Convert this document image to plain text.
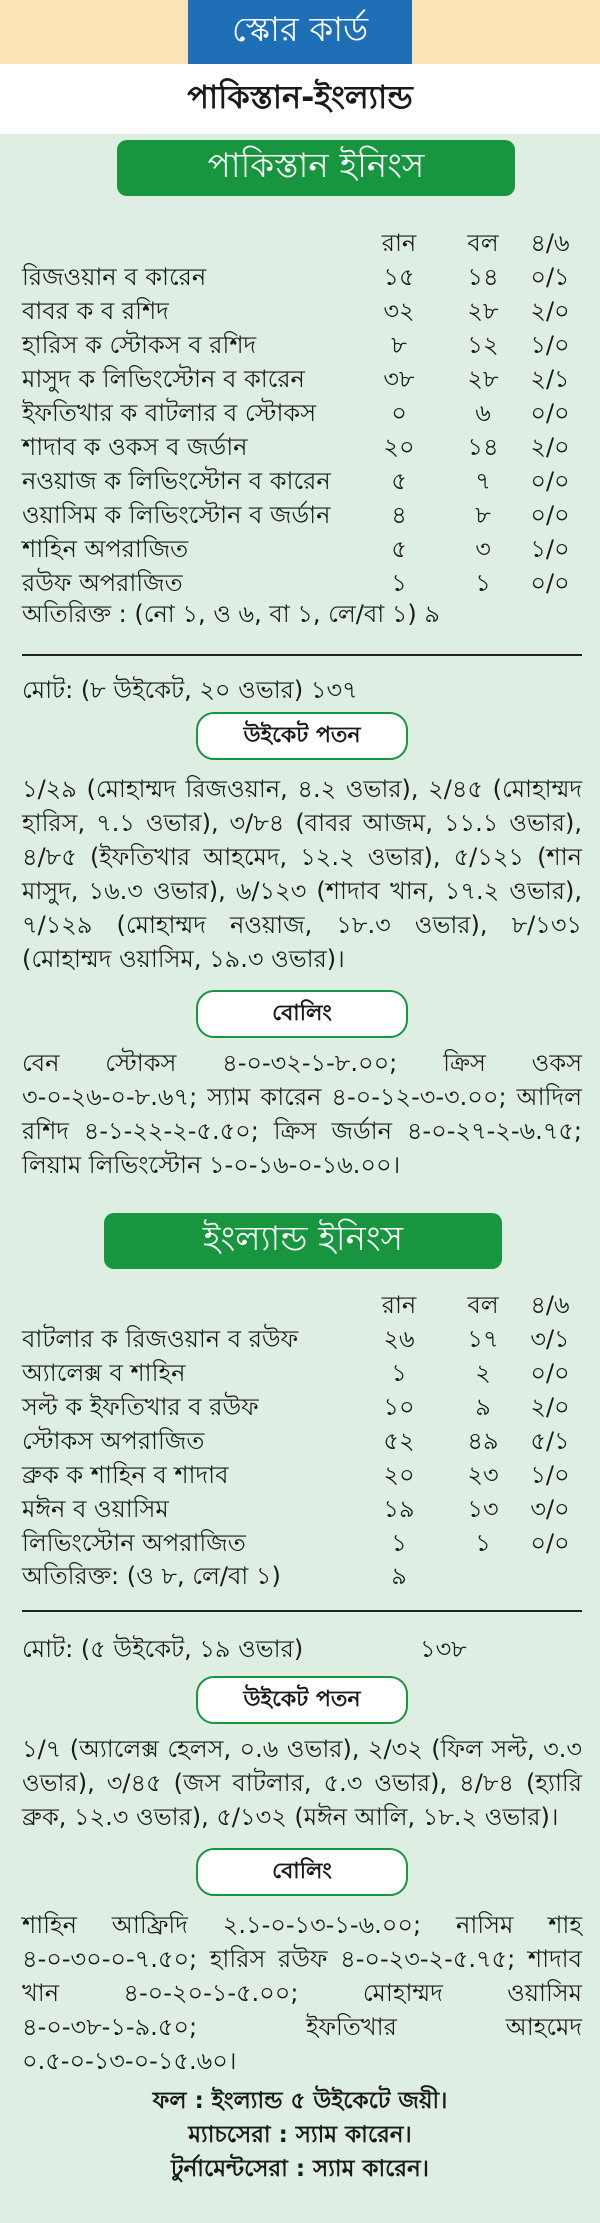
স্কোর কার্ড
পাকিস্তান-ইংল্যান্ড
পাকিস্তান ইনিংস
রান	বল	৪/৬
রিজওয়ান ব কারেন	১৫	১৪	০/১
বাবর ক ব রশিদ	৩২	২৮	২/০
হারিস ক স্টোকস ব রশিদ	৮	১২	১/০
মাসুদ ক লিভিংস্টোন ব কারেন	৩৮	২৮	২/১
ইফতিখার ক বাটলার ব স্টোকস	০	৬	০/০
শাদাব ক ওকস ব জর্ডান	২০	১৪	২/০
নওয়াজ ক লিভিংস্টোন ব কারেন	৫	৭	০/০
ওয়াসিম ক লিভিংস্টোন ব জর্ডান	৪	৮	০/০
শাহিন অপরাজিত	৫	৩	১/০
রউফ অপরাজিত	১	১	০/০
অতিরিক্ত : (নো ১, ও ৬, বা ১, লে/বা ১) ৯
মোট: (৮ উইকেট, ২০ ওভার) ১৩৭
উইকেট পতন
১/২৯ (মোহাম্মদ রিজওয়ান, ৪.২ ওভার), ২/৪৫ (মোহাম্মদ হারিস, ৭.১ ওভার), ৩/৮৪ (বাবর আজম, ১১.১ ওভার), ৪/৮৫ (ইফতিখার আহমেদ, ১২.২ ওভার), ৫/১২১ (শান মাসুদ, ১৬.৩ ওভার), ৬/১২৩ (শাদাব খান, ১৭.২ ওভার), ৭/১২৯ (মোহাম্মদ নওয়াজ, ১৮.৩ ওভার), ৮/১৩১ (মোহাম্মদ ওয়াসিম, ১৯.৩ ওভার)।
বোলিং
বেন স্টোকস ৪-০-৩২-১-৮.০০; ক্রিস ওকস ৩-০-২৬-০-৮.৬৭; স্যাম কারেন ৪-০-১২-৩-৩.০০; আদিল রশিদ ৪-১-২২-২-৫.৫০; ক্রিস জর্ডান ৪-০-২৭-২-৬.৭৫; লিয়াম লিভিংস্টোন ১-০-১৬-০-১৬.০০।
ইংল্যান্ড ইনিংস
রান	বল	৪/৬
বাটলার ক রিজওয়ান ব রউফ	২৬	১৭	৩/১
অ্যালেক্স ব শাহিন	১	২	০/০
সল্ট ক ইফতিখার ব রউফ	১০	৯	২/০
স্টোকস অপরাজিত	৫২	৪৯	৫/১
ব্রুক ক শাহিন ব শাদাব	২০	২৩	১/০
মঈন ব ওয়াসিম	১৯	১৩	৩/০
লিভিংস্টোন অপরাজিত	১	১	০/০
অতিরিক্ত: (ও ৮, লে/বা ১)	৯
মোট: (৫ উইকেট, ১৯ ওভার)	১৩৮
উইকেট পতন
১/৭ (অ্যালেক্স হেলস, ০.৬ ওভার), ২/৩২ (ফিল সল্ট, ৩.৩ ওভার), ৩/৪৫ (জস বাটলার, ৫.৩ ওভার), ৪/৮৪ (হ্যারি ব্রুক, ১২.৩ ওভার), ৫/১৩২ (মঈন আলি, ১৮.২ ওভার)।
বোলিং
শাহিন আফ্রিদি ২.১-০-১৩-১-৬.০০; নাসিম শাহ ৪-০-৩০-০-৭.৫০; হারিস রউফ ৪-০-২৩-২-৫.৭৫; শাদাব খান ৪-০-২০-১-৫.০০; মোহাম্মদ ওয়াসিম ৪-০-৩৮-১-৯.৫০; ইফতিখার আহমেদ ০.৫-০-১৩-০-১৫.৬০।
ফল : ইংল্যান্ড ৫ উইকেটে জয়ী।
ম্যাচসেরা : স্যাম কারেন।
টুর্নামেন্টসেরা : স্যাম কারেন।
